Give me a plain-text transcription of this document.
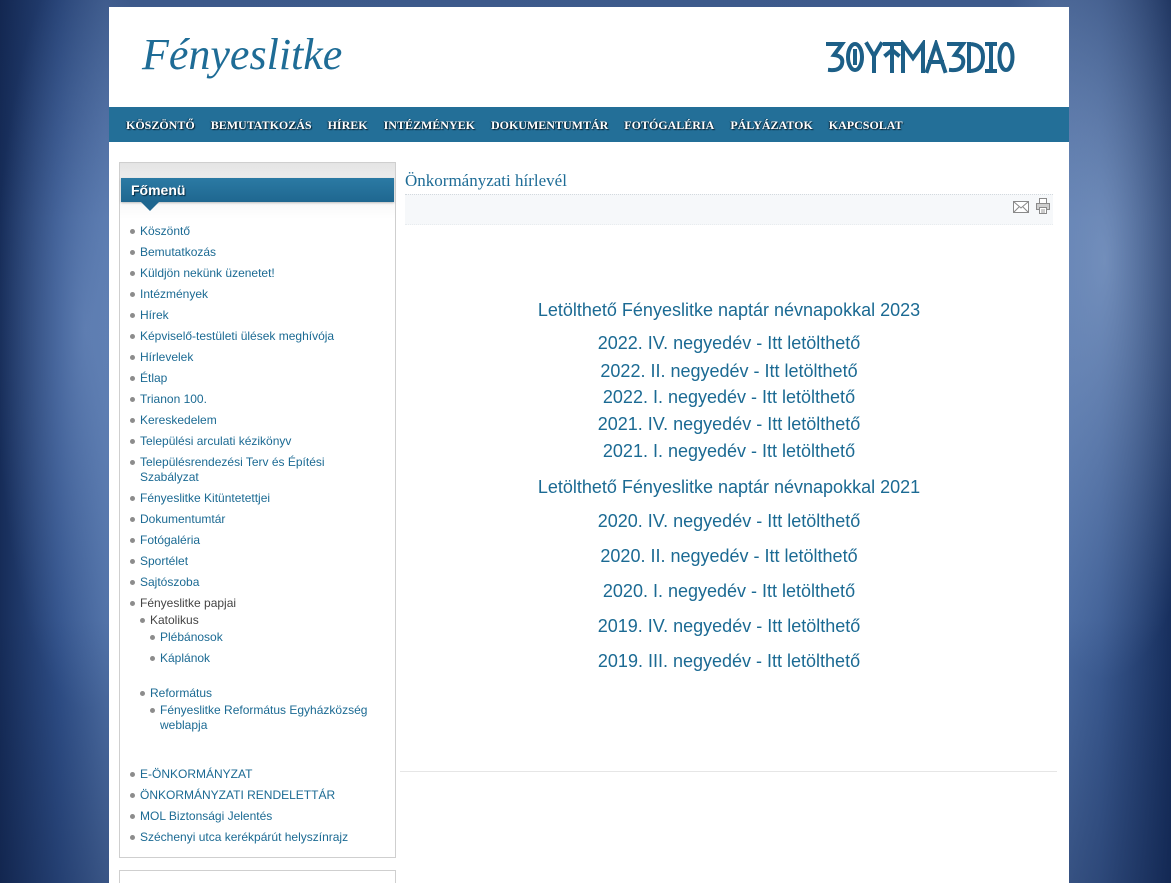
Fényeslitke
KÖSZÖNTŐ BEMUTATKOZÁS HÍREK INTÉZMÉNYEK DOKUMENTUMTÁR FOTÓGALÉRIA PÁLYÁZATOK KAPCSOLAT
Főmenü
Köszöntő
Bemutatkozás
Küldjön nekünk üzenetet!
Intézmények
Hírek
Képviselő-testületi ülések meghívója
Hírlevelek
Étlap
Trianon 100.
Kereskedelem
Települési arculati kézikönyv
Településrendezési Terv és Építési Szabályzat
Fényeslitke Kitüntetettjei
Dokumentumtár
Fotógaléria
Sportélet
Sajtószoba
Fényeslitke papjai
Katolikus
Plébánosok
Káplánok
Református
Fényeslitke Református Egyházközség weblapja
E-ÖNKORMÁNYZAT
ÖNKORMÁNYZATI RENDELETTÁR
MOL Biztonsági Jelentés
Széchenyi utca kerékpárút helyszínrajz
Önkormányzati hírlevél
Letölthető Fényeslitke naptár névnapokkal 2023
2022. IV. negyedév - Itt letölthető
2022. II. negyedév - Itt letölthető
2022. I. negyedév - Itt letölthető
2021. IV. negyedév - Itt letölthető
2021. I. negyedév - Itt letölthető
Letölthető Fényeslitke naptár névnapokkal 2021
2020. IV. negyedév - Itt letölthető
2020. II. negyedév - Itt letölthető
2020. I. negyedév - Itt letölthető
2019. IV. negyedév - Itt letölthető
2019. III. negyedév - Itt letölthető
